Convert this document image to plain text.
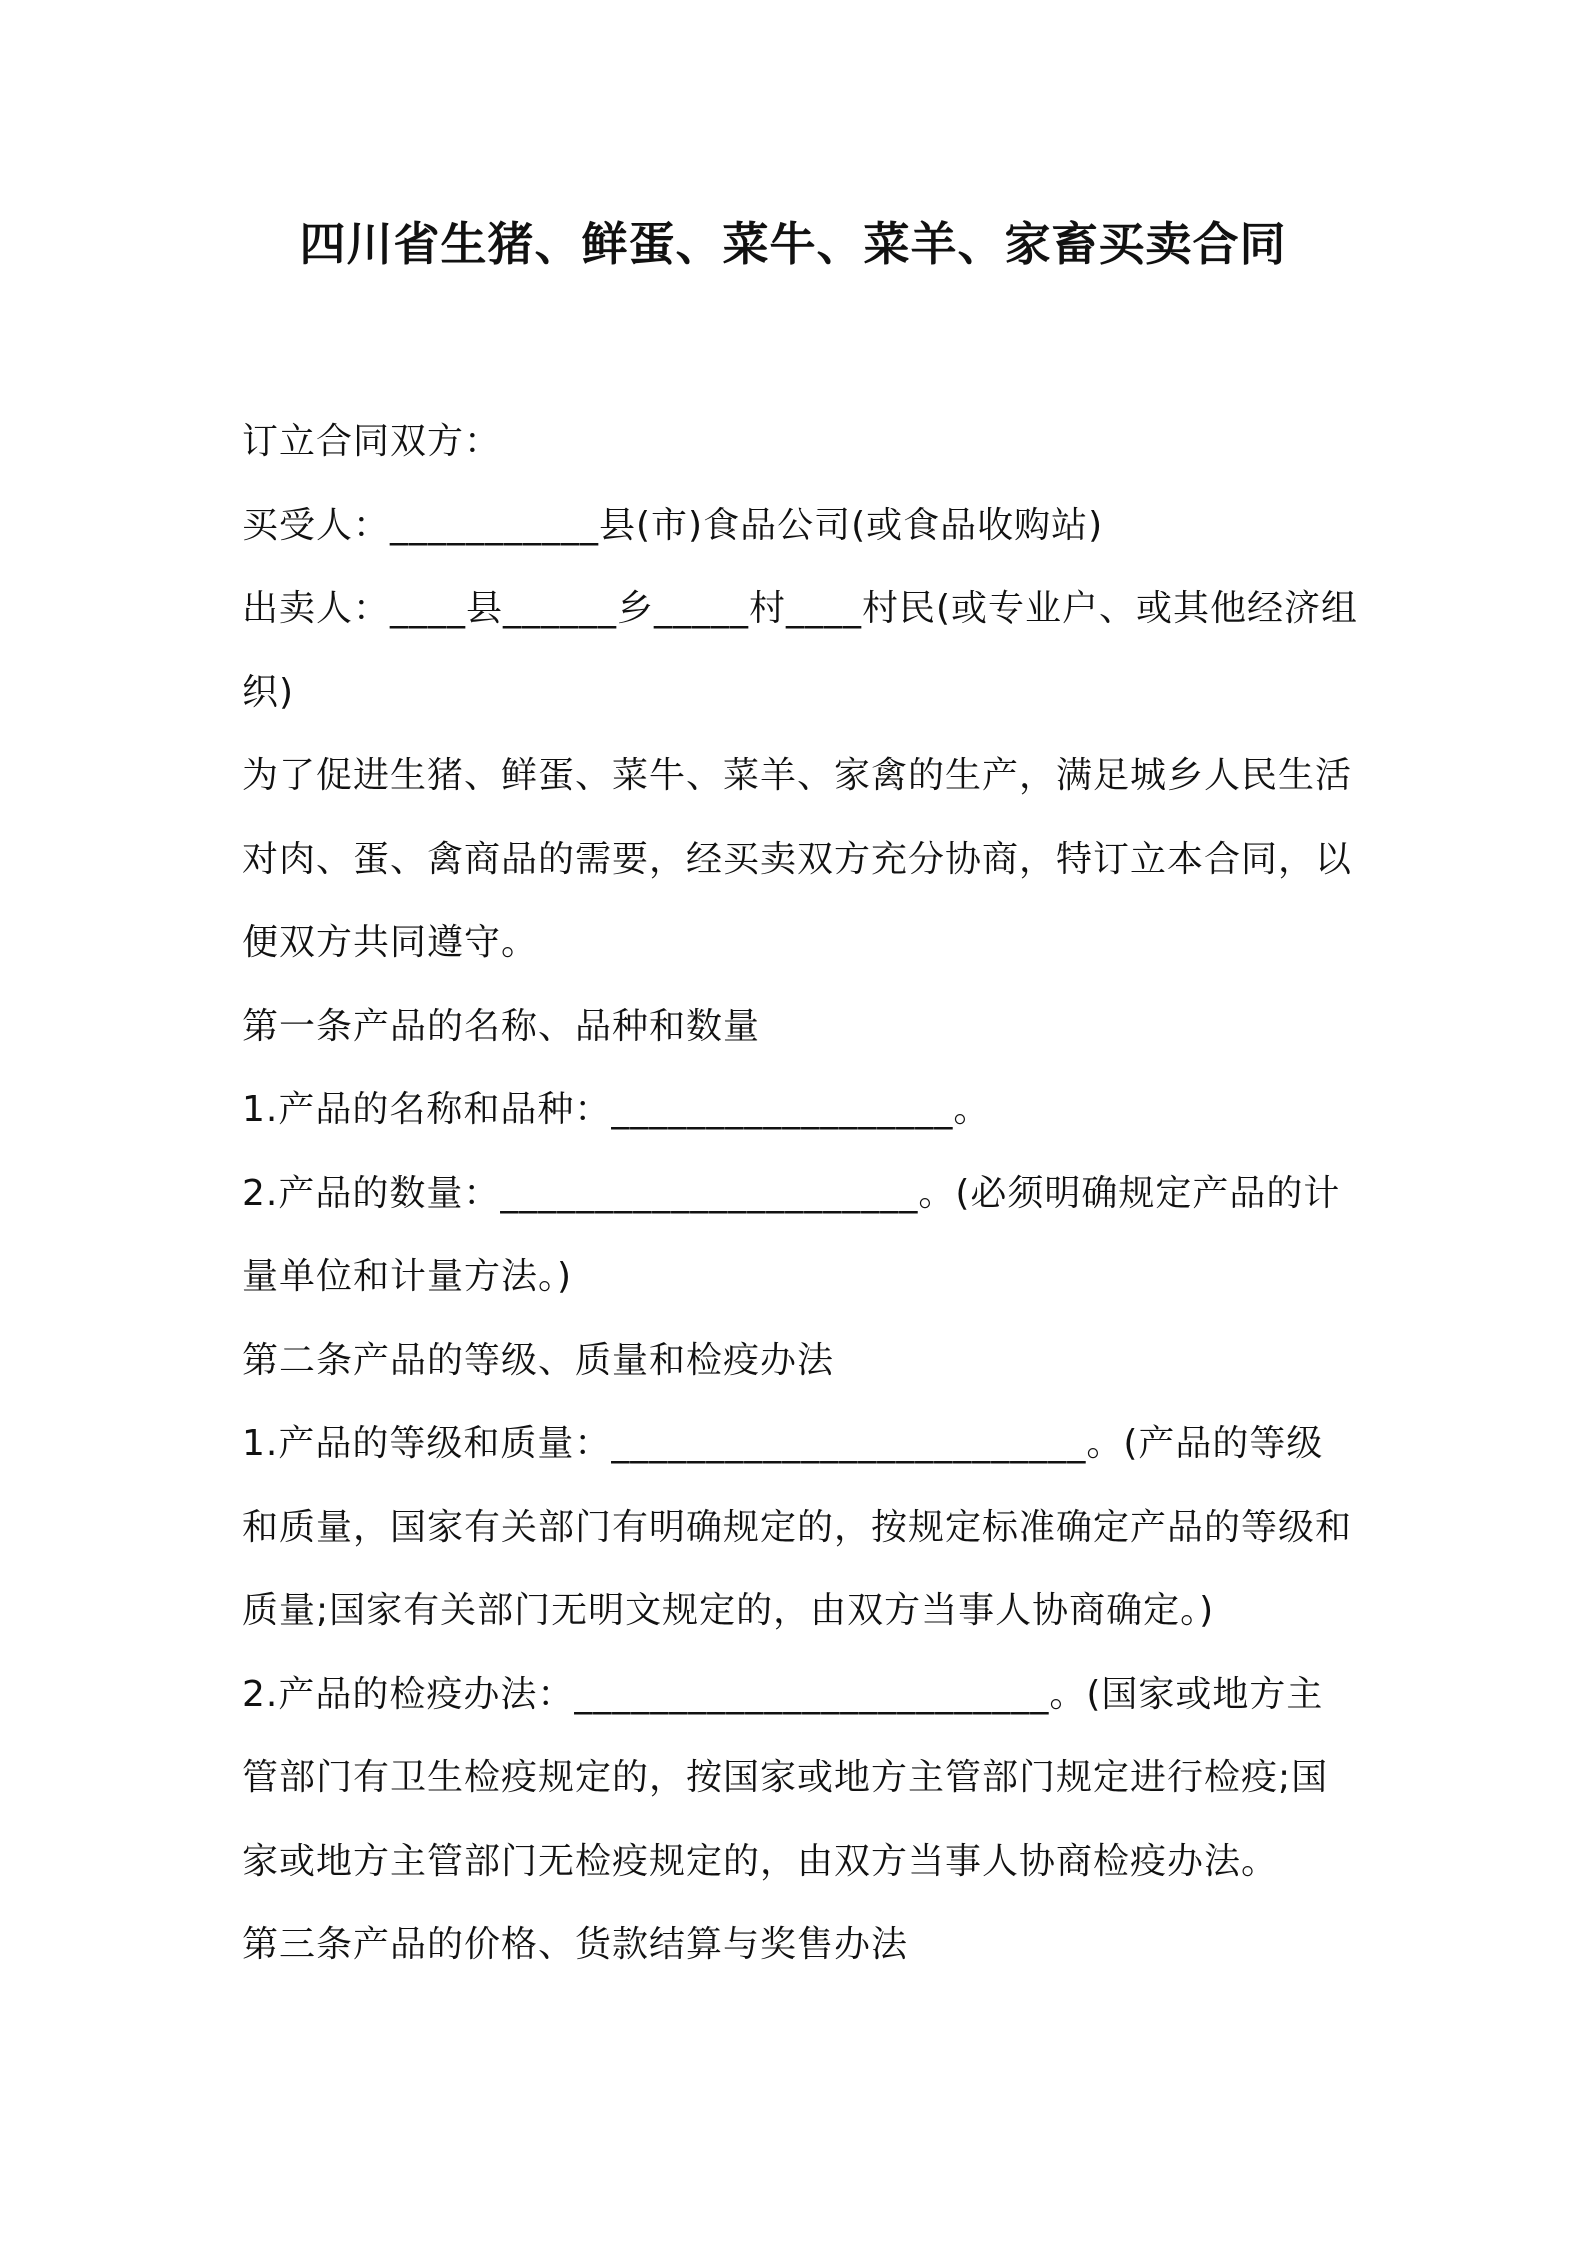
四川省生猪、鲜蛋、菜牛、菜羊、家畜买卖合同

订立合同双方：

买受人：___________县(市)食品公司(或食品收购站)

出卖人：____县______乡_____村____村民(或专业户、或其他经济组织)

为了促进生猪、鲜蛋、菜牛、菜羊、家禽的生产，满足城乡人民生活对肉、蛋、禽商品的需要，经买卖双方充分协商，特订立本合同，以便双方共同遵守。

第一条产品的名称、品种和数量

1.产品的名称和品种：__________________。

2.产品的数量：______________________。(必须明确规定产品的计量单位和计量方法。)

第二条产品的等级、质量和检疫办法

1.产品的等级和质量：_________________________。(产品的等级和质量，国家有关部门有明确规定的，按规定标准确定产品的等级和质量;国家有关部门无明文规定的，由双方当事人协商确定。)

2.产品的检疫办法：_________________________。(国家或地方主管部门有卫生检疫规定的，按国家或地方主管部门规定进行检疫;国家或地方主管部门无检疫规定的，由双方当事人协商检疫办法。

第三条产品的价格、货款结算与奖售办法
